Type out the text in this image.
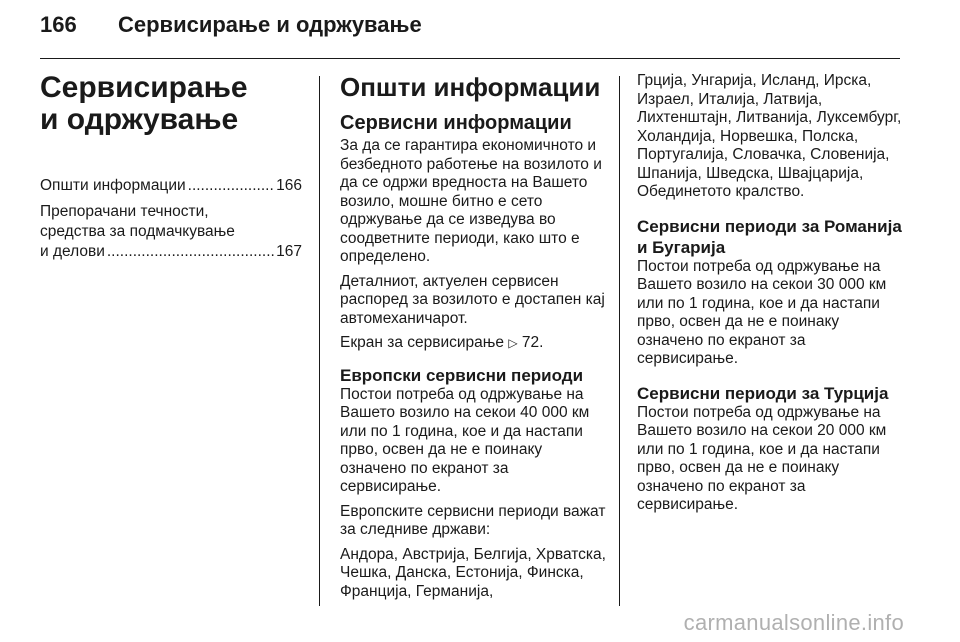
166 Сервисирање и одржување
Сервисирање
и одржување
Општи информации .....	166
Препорачани течности,
средства за подмачкување
и делови .....	167
Општи информации
Сервисни информации

За да се гарантира економичното и безбедното работење на возилото и да се одржи вредноста на Вашето возило, мошне битно е сето одржување да се изведува во соодветните периоди, како што е определено.

Деталниот, актуелен сервисен распоред за возилото е достапен кај автомеханичарот.

Екран за сервисирање ▷ 72.

Европски сервисни периоди

Постои потреба од одржување на Вашето возило на секои 40 000 км или по 1 година, кое и да настапи прво, освен да не е поинаку означено по екранот за сервисирање.

Европските сервисни периоди важат за следниве држави:

Андора, Австрија, Белгија, Хрватска, Чешка, Данска, Естонија, Финска, Франција, Германија,

Грција, Унгарија, Исланд, Ирска, Израел, Италија, Латвија, Лихтенштајн, Литванија, Луксембург, Холандија, Норвешка, Полска, Португалија, Словачка, Словенија, Шпанија, Шведска, Швајцарија, Обединетото кралство.

Сервисни периоди за Романија и Бугарија

Постои потреба од одржување на Вашето возило на секои 30 000 км или по 1 година, кое и да настапи прво, освен да не е поинаку означено по екранот за сервисирање.

Сервисни периоди за Турција

Постои потреба од одржување на Вашето возило на секои 20 000 км или по 1 година, кое и да настапи прво, освен да не е поинаку означено по екранот за сервисирање.

carmanualsonline.info
